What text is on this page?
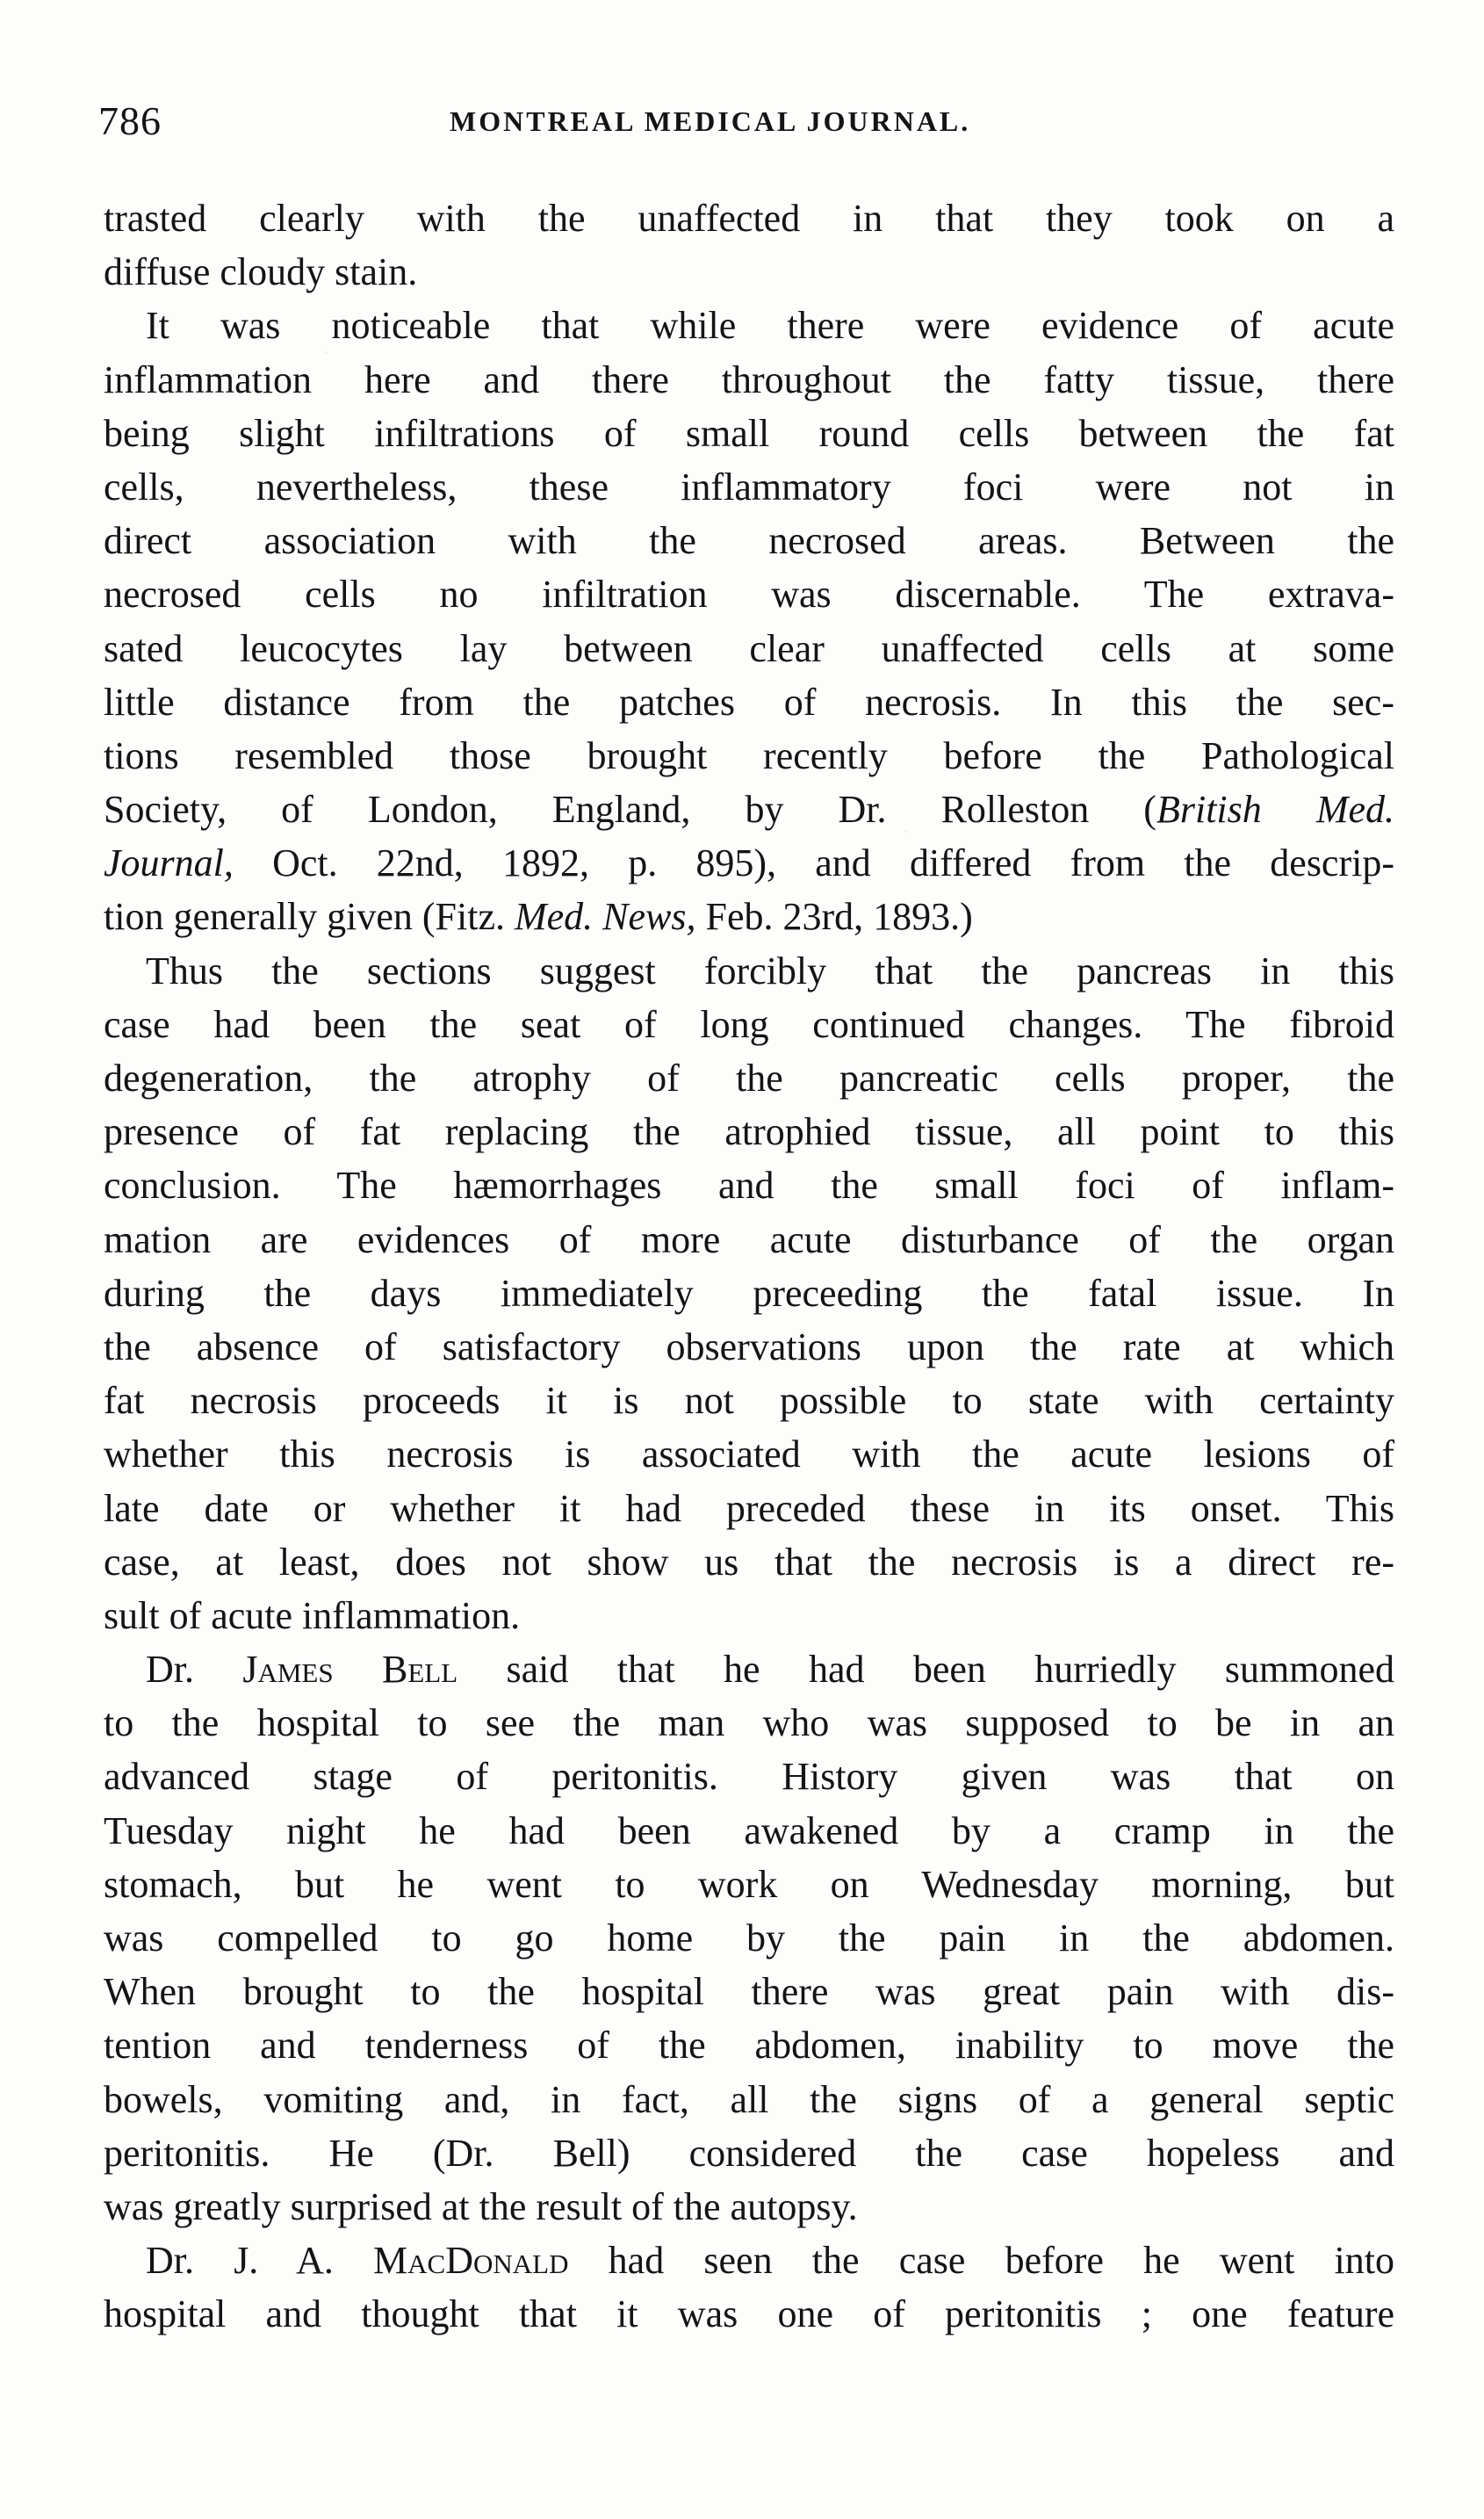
786	MONTREAL MEDICAL JOURNAL.
trasted clearly with the unaffected in that they took on a
diffuse cloudy stain.
It was noticeable that while there were evidence of acute
inflammation here and there throughout the fatty tissue, there
being slight infiltrations of small round cells between the fat
cells, nevertheless, these inflammatory foci were not in
direct association with the necrosed areas. Between the
necrosed cells no infiltration was discernable. The extrava-
sated leucocytes lay between clear unaffected cells at some
little distance from the patches of necrosis. In this the sec-
tions resembled those brought recently before the Pathological
Society, of London, England, by Dr. Rolleston (British Med.
Journal, Oct. 22nd, 1892, p. 895), and differed from the descrip-
tion generally given (Fitz. Med. News, Feb. 23rd, 1893.)
Thus the sections suggest forcibly that the pancreas in this
case had been the seat of long continued changes. The fibroid
degeneration, the atrophy of the pancreatic cells proper, the
presence of fat replacing the atrophied tissue, all point to this
conclusion. The hæmorrhages and the small foci of inflam-
mation are evidences of more acute disturbance of the organ
during the days immediately preceeding the fatal issue. In
the absence of satisfactory observations upon the rate at which
fat necrosis proceeds it is not possible to state with certainty
whether this necrosis is associated with the acute lesions of
late date or whether it had preceded these in its onset. This
case, at least, does not show us that the necrosis is a direct re-
sult of acute inflammation.
Dr. James Bell said that he had been hurriedly summoned
to the hospital to see the man who was supposed to be in an
advanced stage of peritonitis. History given was that on
Tuesday night he had been awakened by a cramp in the
stomach, but he went to work on Wednesday morning, but
was compelled to go home by the pain in the abdomen.
When brought to the hospital there was great pain with dis-
tention and tenderness of the abdomen, inability to move the
bowels, vomiting and, in fact, all the signs of a general septic
peritonitis. He (Dr. Bell) considered the case hopeless and
was greatly surprised at the result of the autopsy.
Dr. J. A. MacDonald had seen the case before he went into
hospital and thought that it was one of peritonitis ; one feature
